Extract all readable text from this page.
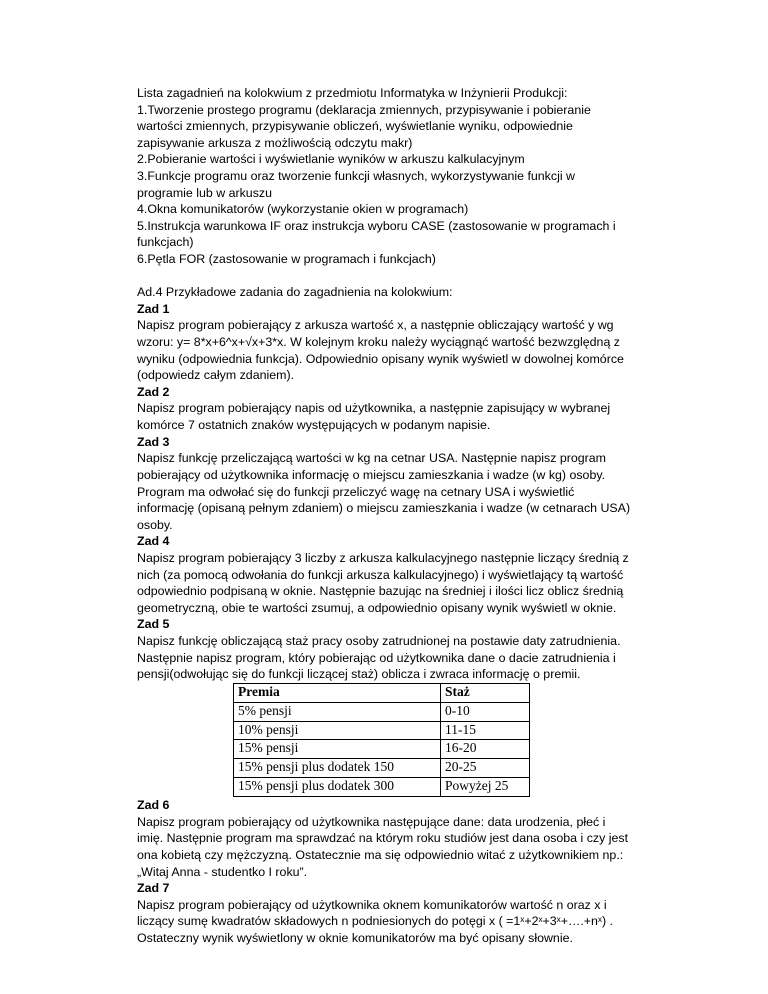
Lista zagadnień na kolokwium z przedmiotu Informatyka w Inżynierii Produkcji:

1.Tworzenie prostego programu (deklaracja zmiennych, przypisywanie i pobieranie wartości zmiennych, przypisywanie obliczeń, wyświetlanie wyniku, odpowiednie zapisywanie arkusza z możliwością odczytu makr)

2.Pobieranie wartości i wyświetlanie wyników w arkuszu kalkulacyjnym

3.Funkcje programu oraz tworzenie funkcji własnych, wykorzystywanie funkcji w programie lub w arkuszu

4.Okna komunikatorów (wykorzystanie okien w programach)

5.Instrukcja warunkowa IF oraz instrukcja wyboru CASE (zastosowanie w programach i funkcjach)

6.Pętla FOR (zastosowanie w programach i funkcjach)

Ad.4 Przykładowe zadania do zagadnienia na kolokwium:

Zad 1

Napisz program pobierający z arkusza wartość x, a następnie obliczający wartość y wg wzoru: y= 8*x+6^x+√x+3*x. W kolejnym kroku należy wyciągnąć wartość bezwzględną z wyniku (odpowiednia funkcja). Odpowiednio opisany wynik wyświetl w dowolnej komórce (odpowiedz całym zdaniem).

Zad 2

Napisz program pobierający napis od użytkownika, a następnie zapisujący w wybranej komórce 7 ostatnich znaków występujących w podanym napisie.

Zad 3

Napisz funkcję przeliczającą wartości w kg na cetnar USA. Następnie napisz program pobierający od użytkownika informację o miejscu zamieszkania i wadze (w kg) osoby. Program ma odwołać się do funkcji przeliczyć wagę na cetnary USA i wyświetlić informację (opisaną pełnym zdaniem) o miejscu zamieszkania i wadze (w cetnarach USA) osoby.

Zad 4

Napisz program pobierający 3 liczby z arkusza kalkulacyjnego następnie liczący średnią z nich (za pomocą odwołania do funkcji arkusza kalkulacyjnego) i wyświetlający tą wartość odpowiednio podpisaną w oknie. Następnie bazując na średniej i ilości licz oblicz średnią geometryczną, obie te wartości zsumuj, a odpowiednio opisany wynik wyświetl w oknie.

Zad 5

Napisz funkcję obliczającą staż pracy osoby zatrudnionej na postawie daty zatrudnienia. Następnie napisz program, który pobierając od użytkownika dane o dacie zatrudnienia i pensji(odwołując się do funkcji liczącej staż) oblicza i zwraca informację o premii.

Premia	Staż
5% pensji	0-10
10% pensji	11-15
15% pensji	16-20
15% pensji plus dodatek 150	20-25
15% pensji plus dodatek 300	Powyżej 25
Zad 6

Napisz program pobierający od użytkownika następujące dane: data urodzenia, płeć i imię. Następnie program ma sprawdzać na którym roku studiów jest dana osoba i czy jest ona kobietą czy mężczyzną. Ostatecznie ma się odpowiednio witać z użytkownikiem np.: „Witaj Anna - studentko I roku”.

Zad 7

Napisz program pobierający od użytkownika oknem komunikatorów wartość n oraz x i liczący sumę kwadratów składowych n podniesionych do potęgi x ( =1ˣ+2ˣ+3ˣ+….+nˣ) . Ostateczny wynik wyświetlony w oknie komunikatorów ma być opisany słownie.
